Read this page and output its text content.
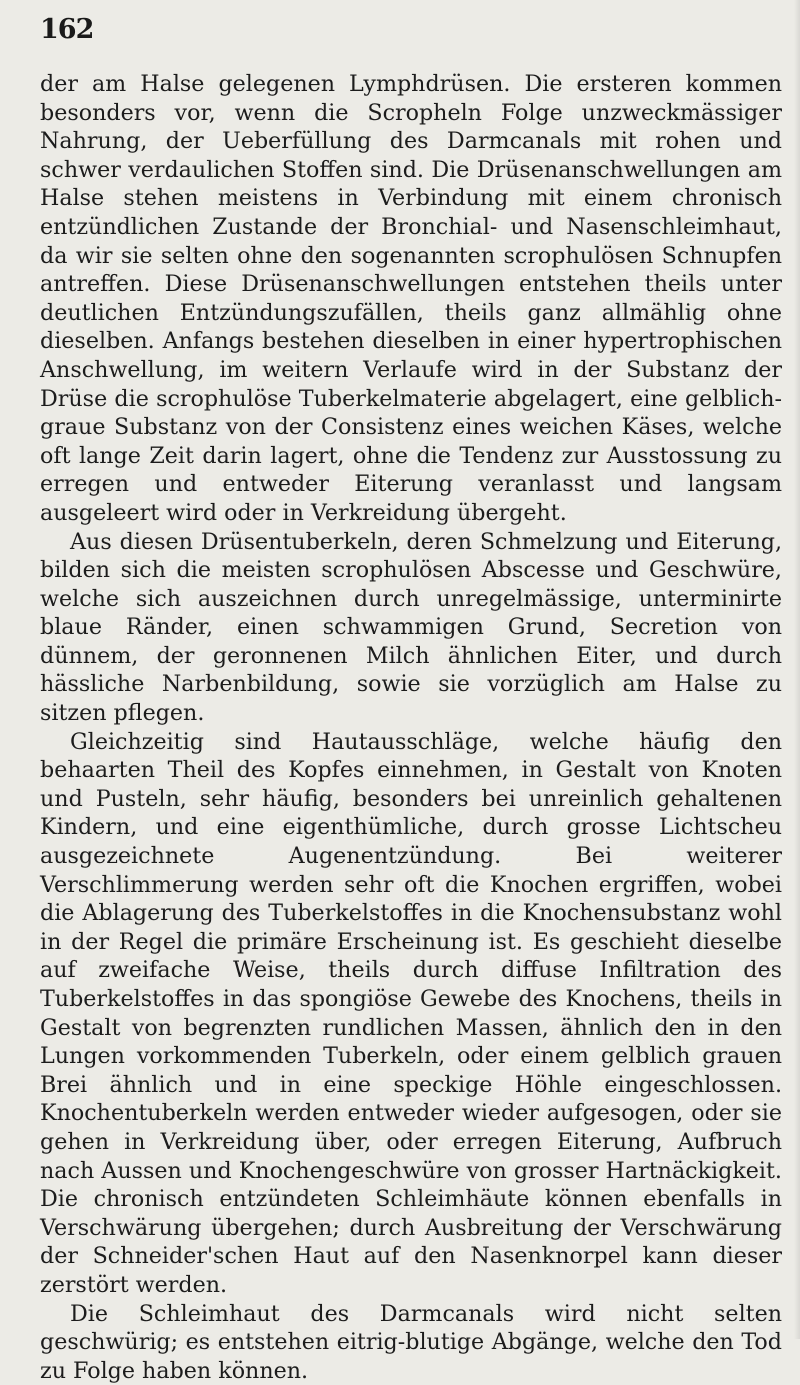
162

der am Halse gelegenen Lymphdrüsen. Die ersteren kommen besonders vor, wenn die Scropheln Folge unzweckmässiger Nahrung, der Ueberfüllung des Darmcanals mit rohen und schwer verdaulichen Stoffen sind. Die Drüsenanschwellungen am Halse stehen meistens in Verbindung mit einem chronisch entzündlichen Zustande der Bronchial- und Nasenschleimhaut, da wir sie selten ohne den sogenannten scrophulösen Schnupfen antreffen. Diese Drüsenanschwellungen entstehen theils unter deutlichen Entzündungszufällen, theils ganz allmählig ohne dieselben. Anfangs bestehen dieselben in einer hypertrophischen Anschwellung, im weitern Verlaufe wird in der Substanz der Drüse die scrophulöse Tuberkelmaterie abgelagert, eine gelblich-graue Substanz von der Consistenz eines weichen Käses, welche oft lange Zeit darin lagert, ohne die Tendenz zur Ausstossung zu erregen und entweder Eiterung veranlasst und langsam ausgeleert wird oder in Verkreidung übergeht.

Aus diesen Drüsentuberkeln, deren Schmelzung und Eiterung, bilden sich die meisten scrophulösen Abscesse und Geschwüre, welche sich auszeichnen durch unregelmässige, unterminirte blaue Ränder, einen schwammigen Grund, Secretion von dünnem, der geronnenen Milch ähnlichen Eiter, und durch hässliche Narbenbildung, sowie sie vorzüglich am Halse zu sitzen pflegen.

Gleichzeitig sind Hautausschläge, welche häufig den behaarten Theil des Kopfes einnehmen, in Gestalt von Knoten und Pusteln, sehr häufig, besonders bei unreinlich gehaltenen Kindern, und eine eigenthümliche, durch grosse Lichtscheu ausgezeichnete Augenentzündung. Bei weiterer Verschlimmerung werden sehr oft die Knochen ergriffen, wobei die Ablagerung des Tuberkelstoffes in die Knochensubstanz wohl in der Regel die primäre Erscheinung ist. Es geschieht dieselbe auf zweifache Weise, theils durch diffuse Infiltration des Tuberkelstoffes in das spongiöse Gewebe des Knochens, theils in Gestalt von begrenzten rundlichen Massen, ähnlich den in den Lungen vorkommenden Tuberkeln, oder einem gelblich grauen Brei ähnlich und in eine speckige Höhle eingeschlossen. Knochentuberkeln werden entweder wieder aufgesogen, oder sie gehen in Verkreidung über, oder erregen Eiterung, Aufbruch nach Aussen und Knochengeschwüre von grosser Hartnäckigkeit. Die chronisch entzündeten Schleimhäute können ebenfalls in Verschwärung übergehen; durch Ausbreitung der Verschwärung der Schneider'schen Haut auf den Nasenknorpel kann dieser zerstört werden.

Die Schleimhaut des Darmcanals wird nicht selten geschwürig; es entstehen eitrig-blutige Abgänge, welche den Tod zu Folge haben können.
